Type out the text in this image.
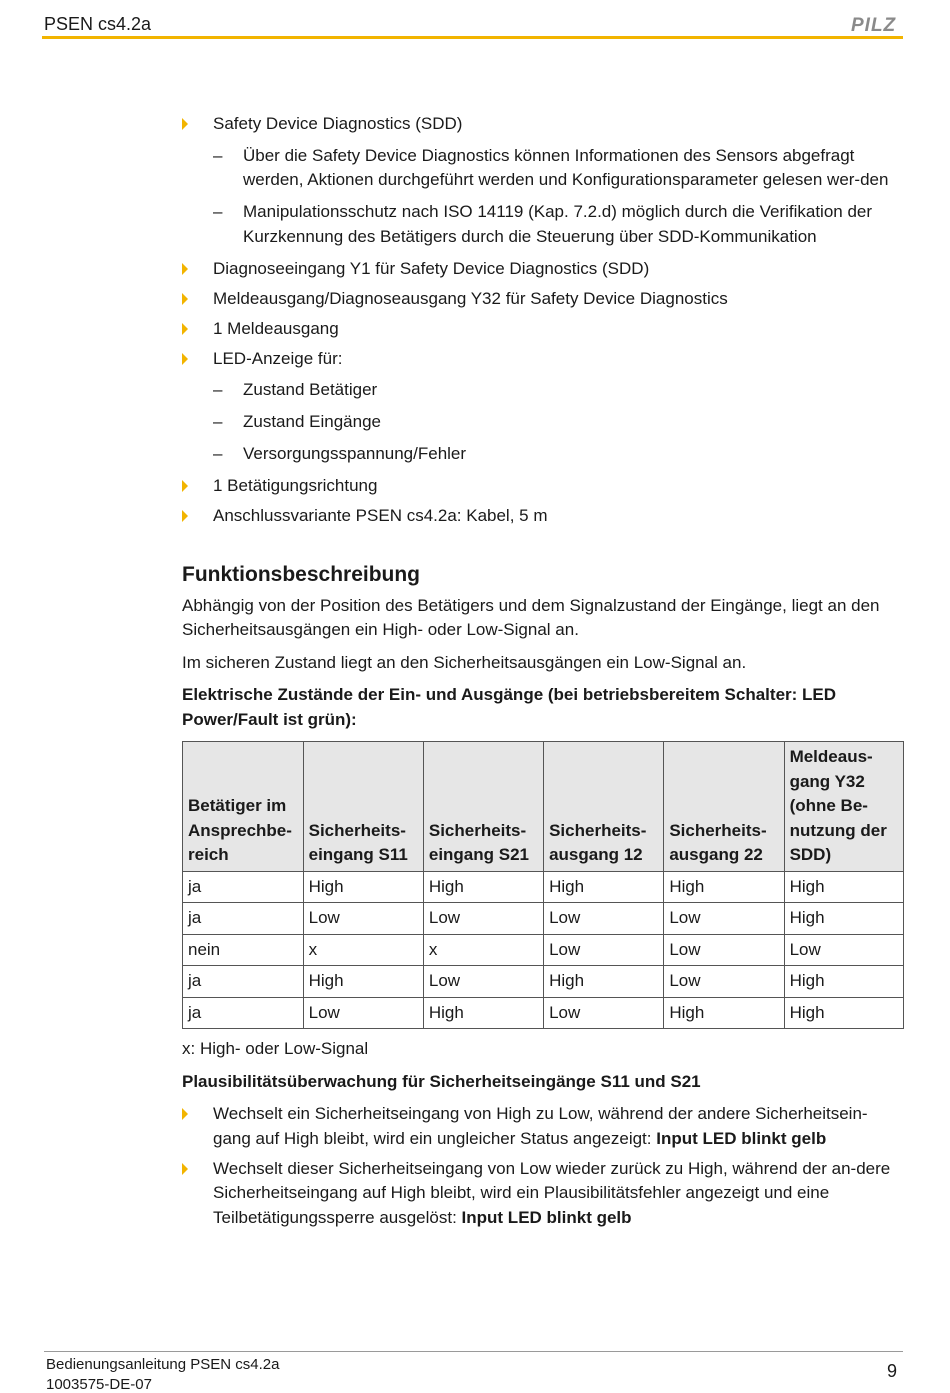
PSEN cs4.2a	PILZ
Safety Device Diagnostics (SDD)
– Über die Safety Device Diagnostics können Informationen des Sensors abgefragt werden, Aktionen durchgeführt werden und Konfigurationsparameter gelesen wer-den
– Manipulationsschutz nach ISO 14119 (Kap. 7.2.d) möglich durch die Verifikation der Kurzkennung des Betätigers durch die Steuerung über SDD-Kommunikation
Diagnoseeingang Y1 für Safety Device Diagnostics (SDD)
Meldeausgang/Diagnoseausgang Y32 für Safety Device Diagnostics
1 Meldeausgang
LED-Anzeige für:
– Zustand Betätiger
– Zustand Eingänge
– Versorgungsspannung/Fehler
1 Betätigungsrichtung
Anschlussvariante PSEN cs4.2a: Kabel, 5 m
Funktionsbeschreibung

Abhängig von der Position des Betätigers und dem Signalzustand der Eingänge, liegt an den Sicherheitsausgängen ein High- oder Low-Signal an.

Im sicheren Zustand liegt an den Sicherheitsausgängen ein Low-Signal an.

Elektrische Zustände der Ein- und Ausgänge (bei betriebsbereitem Schalter: LED Power/Fault ist grün):

Betätiger im Ansprechbe-reich	Sicherheits-eingang S11	Sicherheits-eingang S21	Sicherheits-ausgang 12	Sicherheits-ausgang 22	Meldeaus-gang Y32 (ohne Be-nutzung der SDD)
ja	High	High	High	High	High
ja	Low	Low	Low	Low	High
nein	x	x	Low	Low	Low
ja	High	Low	High	Low	High
ja	Low	High	Low	High	High

x: High- oder Low-Signal

Plausibilitätsüberwachung für Sicherheitseingänge S11 und S21

Wechselt ein Sicherheitseingang von High zu Low, während der andere Sicherheitsein-gang auf High bleibt, wird ein ungleicher Status angezeigt: Input LED blinkt gelb
Wechselt dieser Sicherheitseingang von Low wieder zurück zu High, während der an-dere Sicherheitseingang auf High bleibt, wird ein Plausibilitätsfehler angezeigt und eine Teilbetätigungssperre ausgelöst: Input LED blinkt gelb
Bedienungsanleitung PSEN cs4.2a
1003575-DE-07
9
